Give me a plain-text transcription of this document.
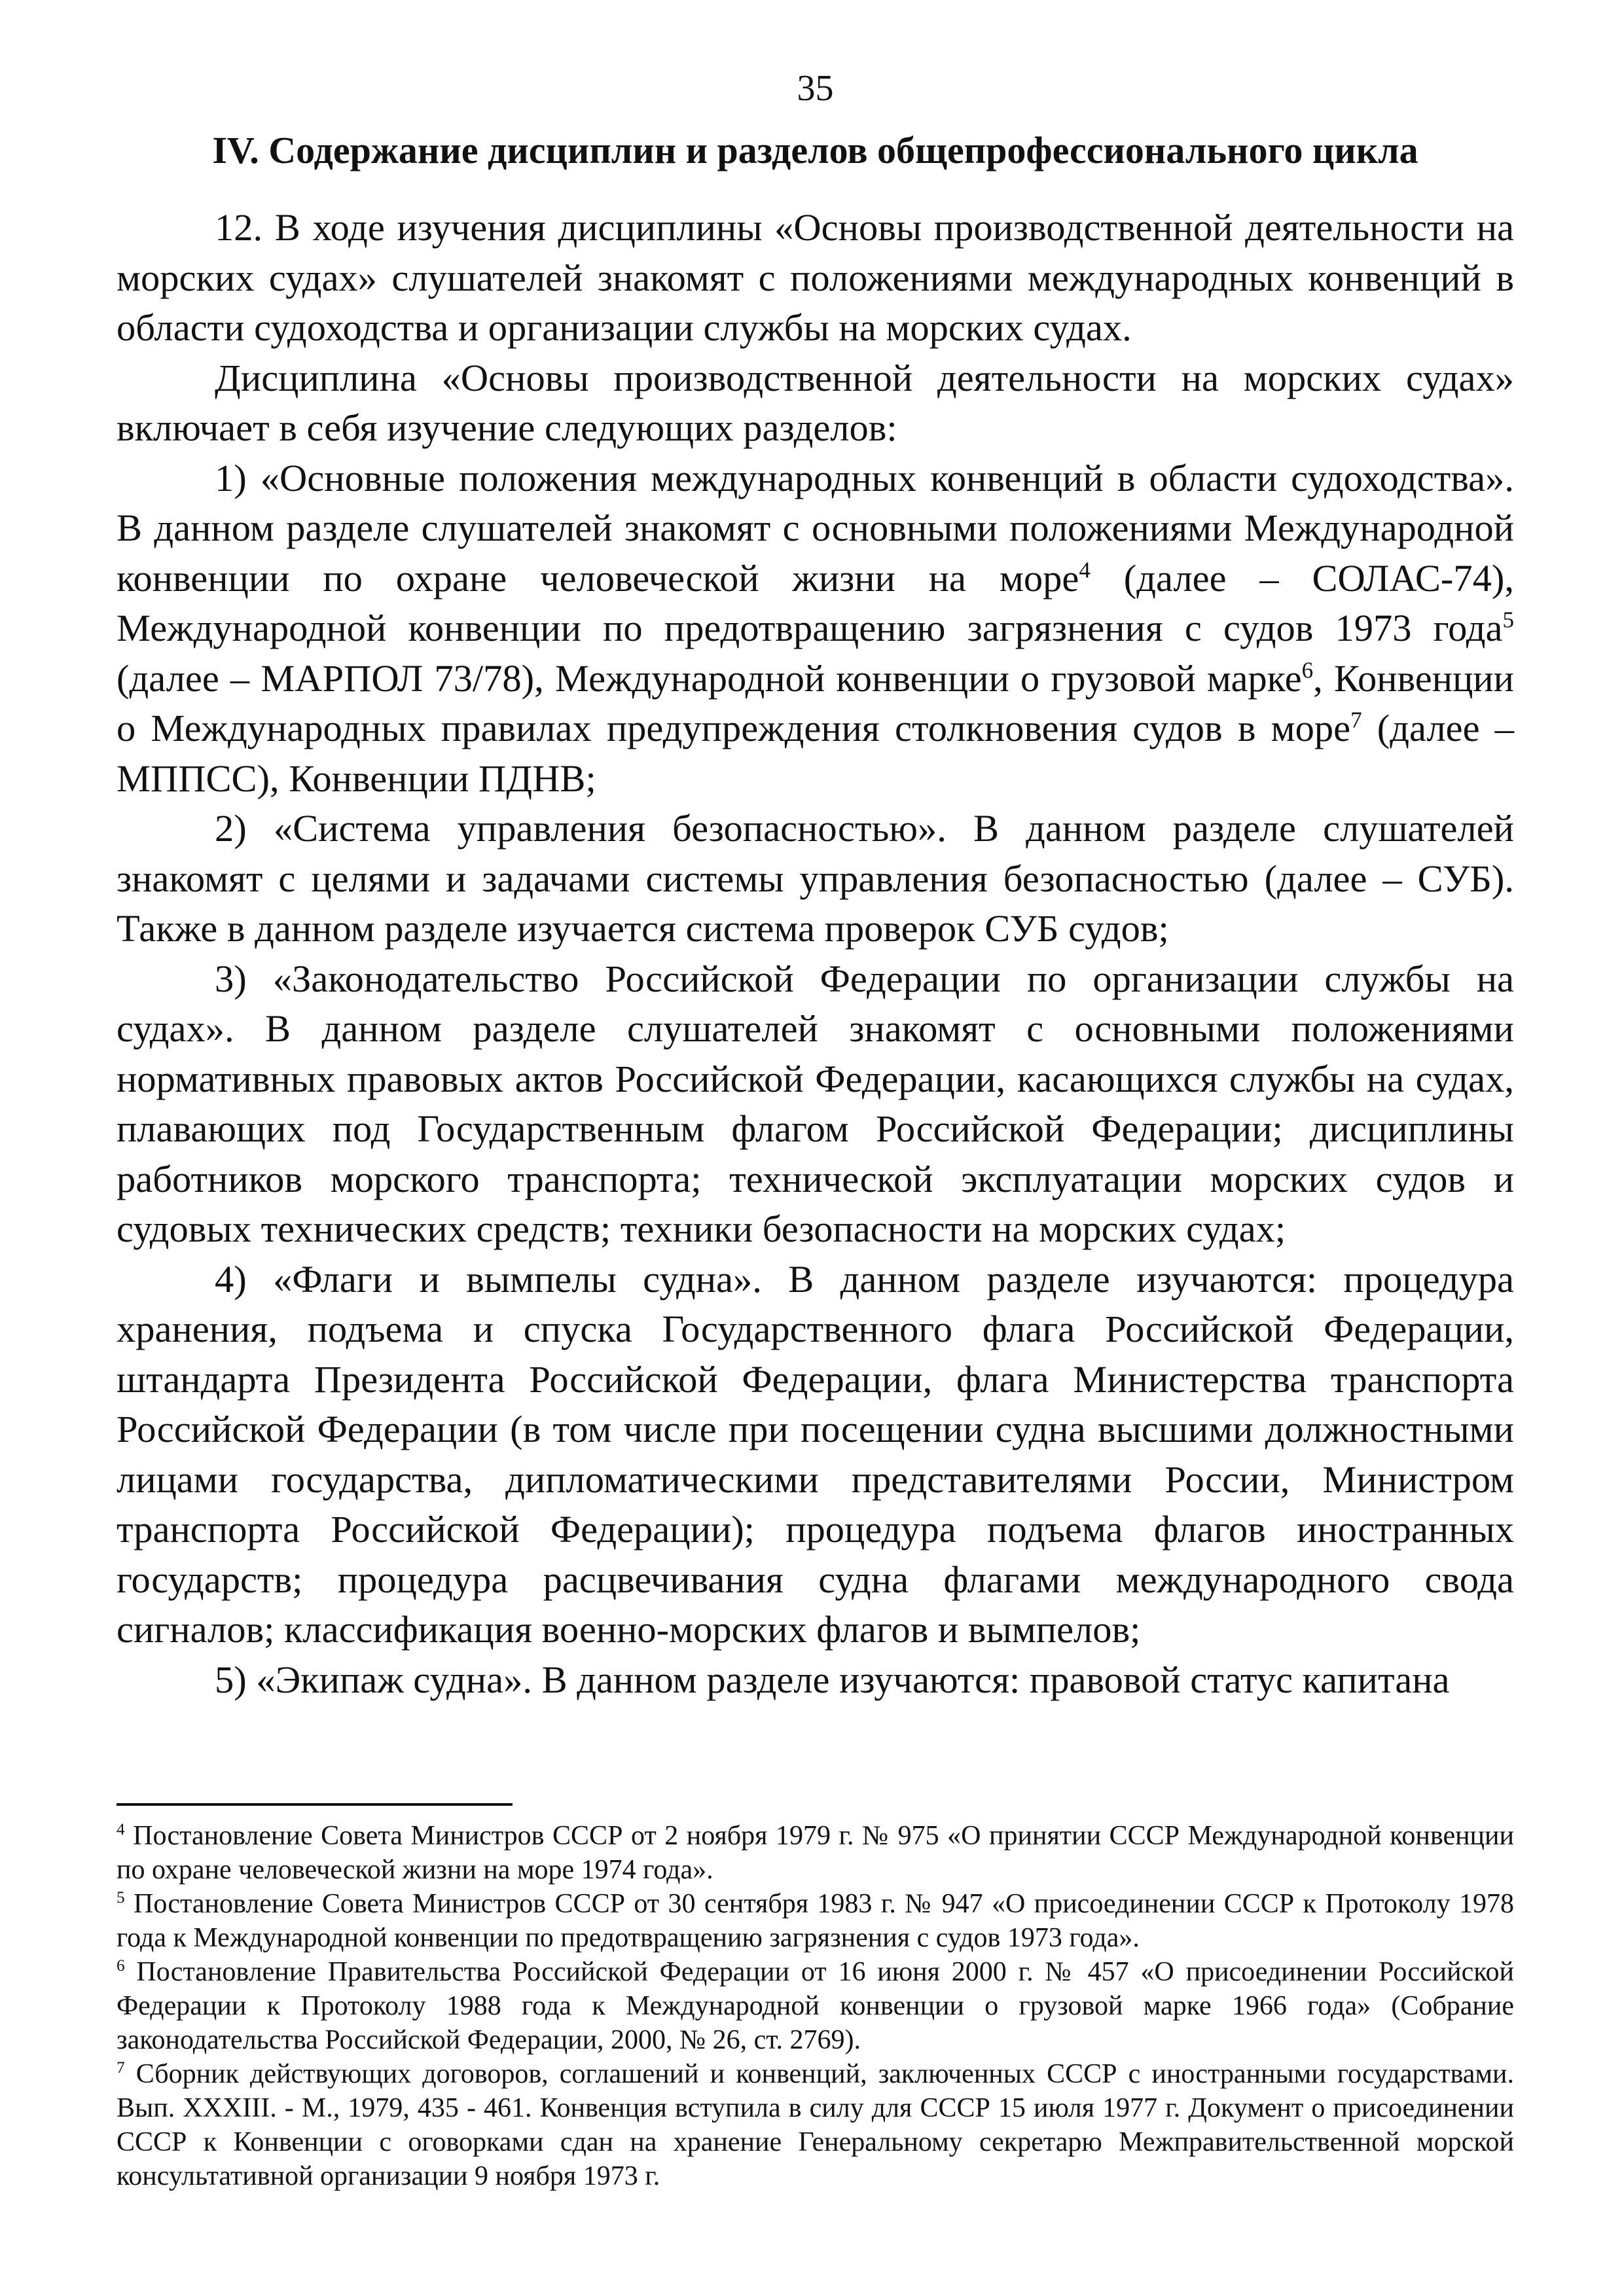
35
IV. Содержание дисциплин и разделов общепрофессионального цикла

12. В ходе изучения дисциплины «Основы производственной деятельности на морских судах» слушателей знакомят с положениями международных конвенций в области судоходства и организации службы на морских судах.

Дисциплина «Основы производственной деятельности на морских судах» включает в себя изучение следующих разделов:

1) «Основные положения международных конвенций в области судоходства». В данном разделе слушателей знакомят с основными положениями Международной конвенции по охране человеческой жизни на море$^4$ (далее – СОЛАС-74), Международной конвенции по предотвращению загрязнения с судов 1973 года$^5$ (далее – МАРПОЛ 73/78), Международной конвенции о грузовой марке$^6$, Конвенции о Международных правилах предупреждения столкновения судов в море$^7$ (далее – МППСС), Конвенции ПДНВ;

2) «Система управления безопасностью». В данном разделе слушателей знакомят с целями и задачами системы управления безопасностью (далее – СУБ). Также в данном разделе изучается система проверок СУБ судов;

3) «Законодательство Российской Федерации по организации службы на судах». В данном разделе слушателей знакомят с основными положениями нормативных правовых актов Российской Федерации, касающихся службы на судах, плавающих под Государственным флагом Российской Федерации; дисциплины работников морского транспорта; технической эксплуатации морских судов и судовых технических средств; техники безопасности на морских судах;

4) «Флаги и вымпелы судна». В данном разделе изучаются: процедура хранения, подъема и спуска Государственного флага Российской Федерации, штандарта Президента Российской Федерации, флага Министерства транспорта Российской Федерации (в том числе при посещении судна высшими должностными лицами государства, дипломатическими представителями России, Министром транспорта Российской Федерации); процедура подъема флагов иностранных государств; процедура расцвечивания судна флагами международного свода сигналов; классификация военно-морских флагов и вымпелов;

5) «Экипаж судна». В данном разделе изучаются: правовой статус капитана

$^4$ Постановление Совета Министров СССР от 2 ноября 1979 г. № 975 «О принятии СССР Международной конвенции по охране человеческой жизни на море 1974 года».

$^5$ Постановление Совета Министров СССР от 30 сентября 1983 г. № 947 «О присоединении СССР к Протоколу 1978 года к Международной конвенции по предотвращению загрязнения с судов 1973 года».

$^6$ Постановление Правительства Российской Федерации от 16 июня 2000 г. № 457 «О присоединении Российской Федерации к Протоколу 1988 года к Международной конвенции о грузовой марке 1966 года» (Собрание законодательства Российской Федерации, 2000, № 26, ст. 2769).

$^7$ Сборник действующих договоров, соглашений и конвенций, заключенных СССР с иностранными государствами. Вып. XXXIII. - М., 1979, 435 - 461. Конвенция вступила в силу для СССР 15 июля 1977 г. Документ о присоединении СССР к Конвенции с оговорками сдан на хранение Генеральному секретарю Межправительственной морской консультативной организации 9 ноября 1973 г.
